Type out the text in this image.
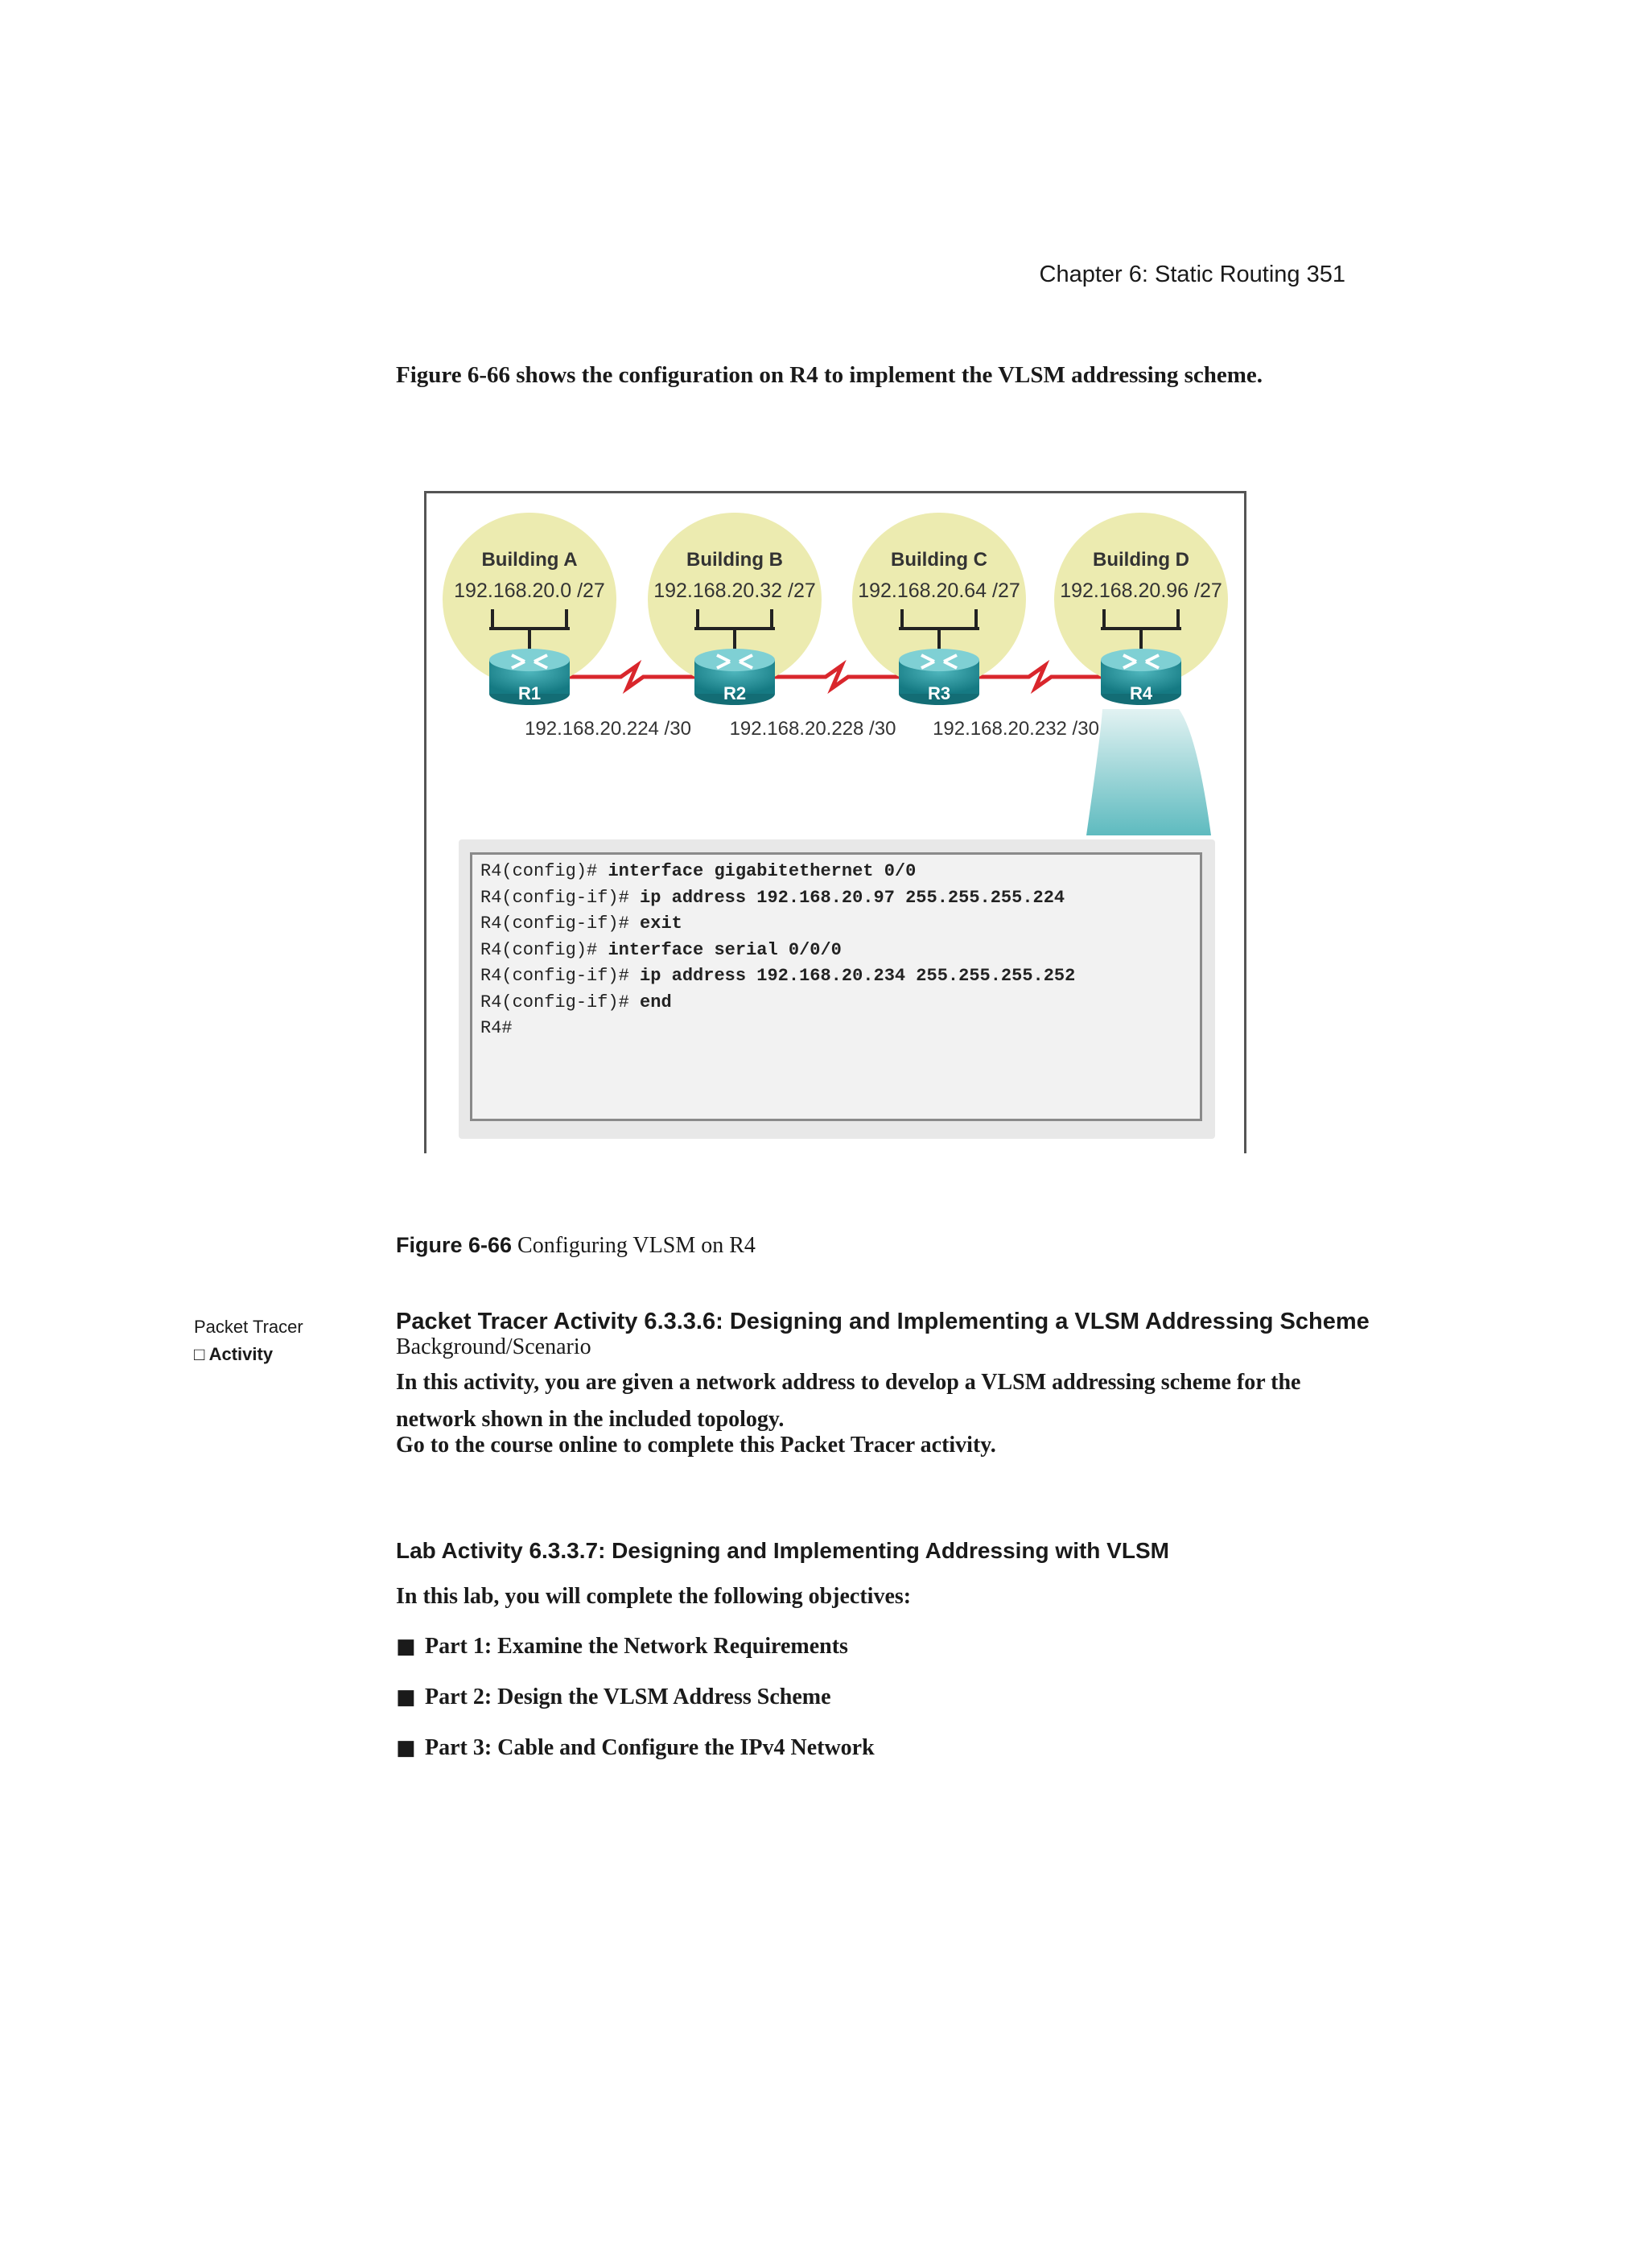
Chapter 6: Static Routing 351
Figure 6-66 shows the configuration on R4 to implement the VLSM addressing scheme.
Building A
192.168.20.0 /27
R1
Building B
192.168.20.32 /27
R2
Building C
192.168.20.64 /27
R3
Building D
192.168.20.96 /27
R4
192.168.20.224 /30 192.168.20.228 /30 192.168.20.232 /30
R4(config)# interface gigabitethernet 0/0
R4(config-if)# ip address 192.168.20.97 255.255.255.224
R4(config-if)# exit
R4(config)# interface serial 0/0/0
R4(config-if)# ip address 192.168.20.234 255.255.255.252
R4(config-if)# end
R4#
Figure 6-66 Configuring VLSM on R4
Packet Tracer
□ Activity
Packet Tracer Activity 6.3.3.6: Designing and Implementing a VLSM Addressing Scheme
Background/Scenario
In this activity, you are given a network address to develop a VLSM addressing scheme for the
network shown in the included topology.
Go to the course online to complete this Packet Tracer activity.
Lab Activity 6.3.3.7: Designing and Implementing Addressing with VLSM
In this lab, you will complete the following objectives:
■ Part 1: Examine the Network Requirements
■ Part 2: Design the VLSM Address Scheme
■ Part 3: Cable and Configure the IPv4 Network
